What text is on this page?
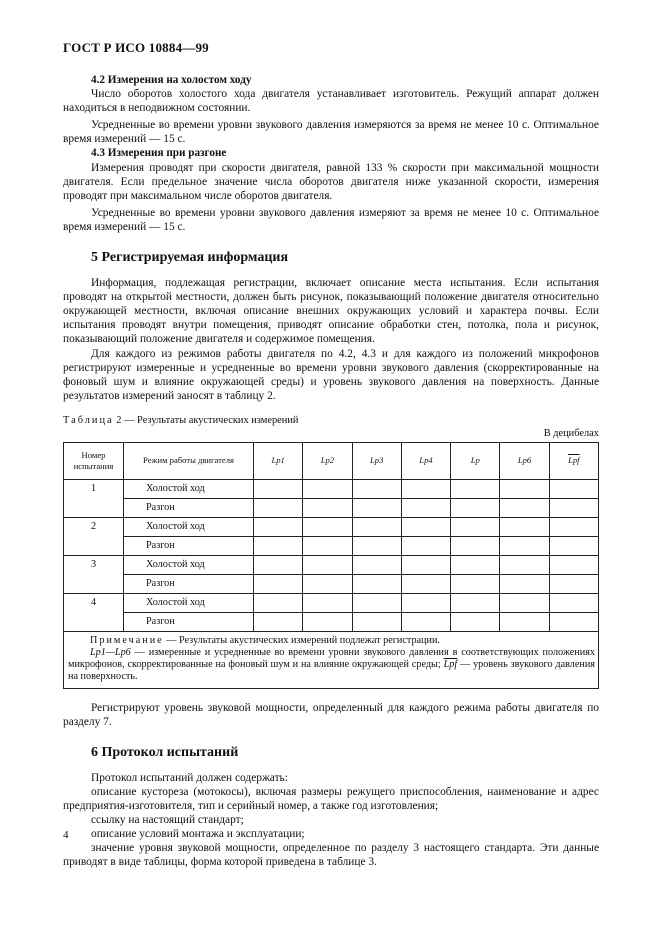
ГОСТ Р ИСО 10884—99
4.2 Измерения на холостом ходу

Число оборотов холостого хода двигателя устанавливает изготовитель. Режущий аппарат должен находиться в неподвижном состоянии.

Усредненные во времени уровни звукового давления измеряются за время не менее 10 с. Оптимальное время измерений — 15 с.

4.3 Измерения при разгоне

Измерения проводят при скорости двигателя, равной 133 % скорости при максимальной мощности двигателя. Если предельное значение числа оборотов двигателя ниже указанной скорости, измерения проводят при максимальном числе оборотов двигателя.

Усредненные во времени уровни звукового давления измеряют за время не менее 10 с. Оптимальное время измерений — 15 с.

5 Регистрируемая информация

Информация, подлежащая регистрации, включает описание места испытания. Если испытания проводят на открытой местности, должен быть рисунок, показывающий положение двигателя относительно окружающей местности, включая описание внешних окружающих условий и характера почвы. Если испытания проводят внутри помещения, приводят описание обработки стен, потолка, пола и рисунок, показывающий положение двигателя и содержимое помещения.

Для каждого из режимов работы двигателя по 4.2, 4.3 и для каждого из положений микрофонов регистрируют измеренные и усредненные во времени уровни звукового давления (скорректированные на фоновый шум и влияние окружающей среды) и уровень звукового давления на поверхность. Данные результатов измерений заносят в таблицу 2.

Таблица 2 — Результаты акустических измерений
В децибелах
Номер испытания	Режим работы двигателя	Lp1	Lp2	Lp3	Lp4	Lp	Lp6	$\overline{Lpf}$
1	Холостой ход							
	Разгон							
2	Холостой ход							
	Разгон							
3	Холостой ход							
	Разгон							
4	Холостой ход							
	Разгон							

Примечание — Результаты акустических измерений подлежат регистрации.

Lp1—Lp6 — измеренные и усредненные во времени уровни звукового давления в соответствующих положениях микрофонов, скорректированные на фоновый шум и на влияние окружающей среды; $\overline{Lpf}$ — уровень звукового давления на поверхность.								

Регистрируют уровень звуковой мощности, определенный для каждого режима работы двигателя по разделу 7.

6 Протокол испытаний

Протокол испытаний должен содержать:

описание кустореза (мотокосы), включая размеры режущего приспособления, наименование и адрес предприятия-изготовителя, тип и серийный номер, а также год изготовления;

ссылку на настоящий стандарт;

описание условий монтажа и эксплуатации;

значение уровня звуковой мощности, определенное по разделу 3 настоящего стандарта. Эти данные приводят в виде таблицы, форма которой приведена в таблице 3.

4
